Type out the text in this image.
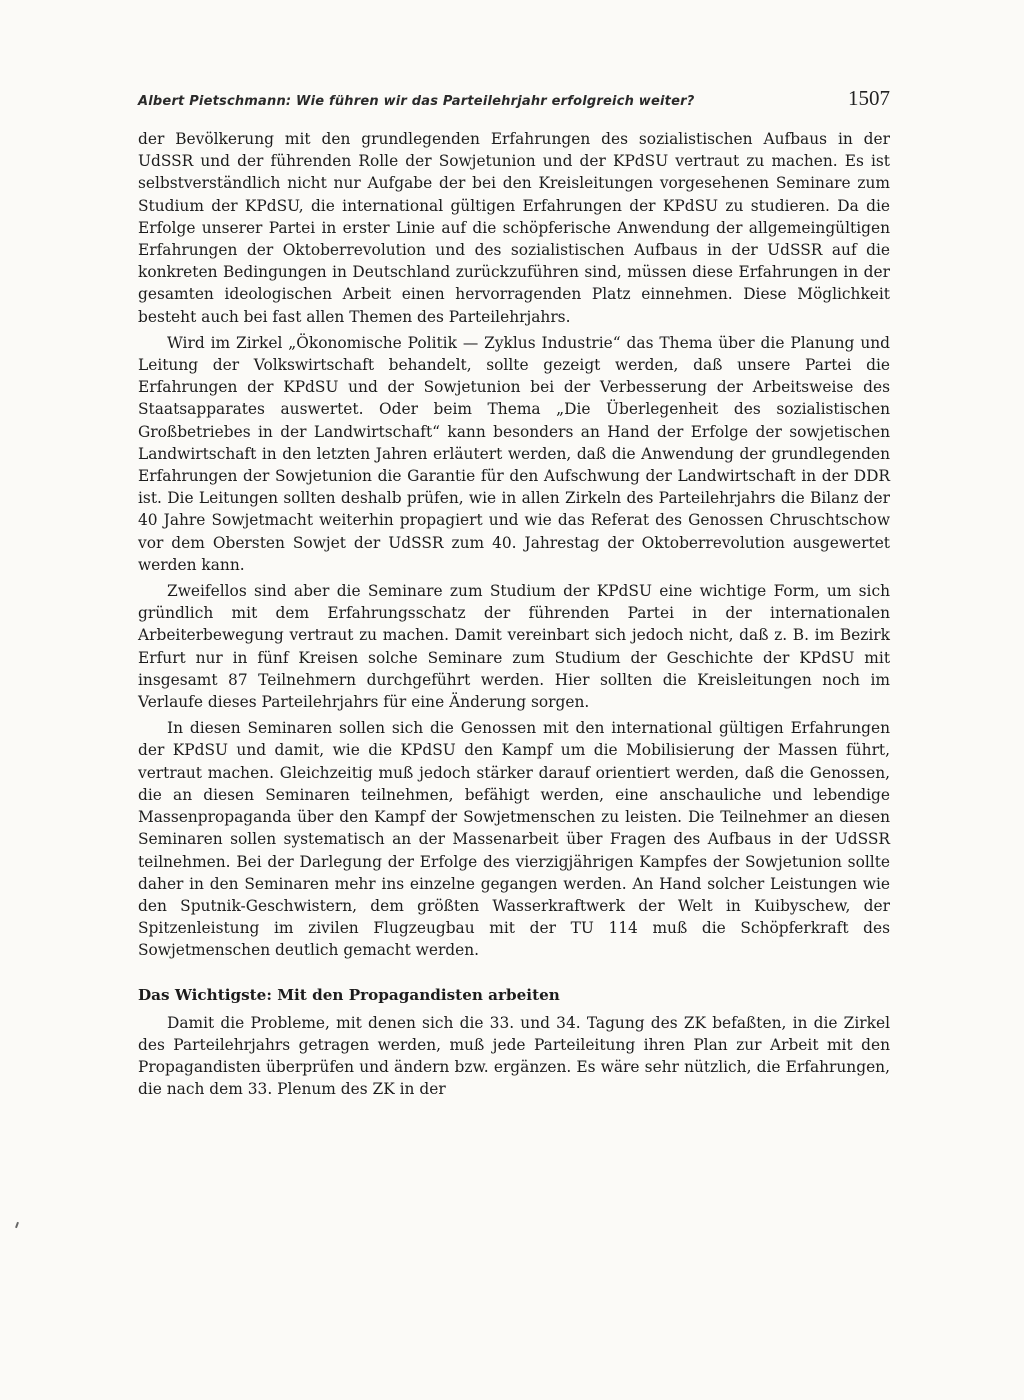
Albert Pietschmann: Wie führen wir das Parteilehrjahr erfolgreich weiter?	1507

der Bevölkerung mit den grundlegenden Erfahrungen des sozialistischen Aufbaus in der UdSSR und der führenden Rolle der Sowjetunion und der KPdSU vertraut zu machen. Es ist selbstverständlich nicht nur Aufgabe der bei den Kreisleitungen vorgesehenen Seminare zum Studium der KPdSU, die international gültigen Erfahrungen der KPdSU zu studieren. Da die Erfolge unserer Partei in erster Linie auf die schöpferische Anwendung der allgemeingültigen Erfahrungen der Oktoberrevolution und des sozialistischen Aufbaus in der UdSSR auf die konkreten Bedingungen in Deutschland zurückzuführen sind, müssen diese Erfahrungen in der gesamten ideologischen Arbeit einen hervorragenden Platz einnehmen. Diese Möglichkeit besteht auch bei fast allen Themen des Parteilehrjahrs.

Wird im Zirkel „Ökonomische Politik — Zyklus Industrie“ das Thema über die Planung und Leitung der Volkswirtschaft behandelt, sollte gezeigt werden, daß unsere Partei die Erfahrungen der KPdSU und der Sowjetunion bei der Verbesserung der Arbeitsweise des Staatsapparates auswertet. Oder beim Thema „Die Überlegenheit des sozialistischen Großbetriebes in der Landwirtschaft“ kann besonders an Hand der Erfolge der sowjetischen Landwirtschaft in den letzten Jahren erläutert werden, daß die Anwendung der grundlegenden Erfahrungen der Sowjetunion die Garantie für den Aufschwung der Landwirtschaft in der DDR ist. Die Leitungen sollten deshalb prüfen, wie in allen Zirkeln des Parteilehrjahrs die Bilanz der 40 Jahre Sowjetmacht weiterhin propagiert und wie das Referat des Genossen Chruschtschow vor dem Obersten Sowjet der UdSSR zum 40. Jahrestag der Oktoberrevolution ausgewertet werden kann.

Zweifellos sind aber die Seminare zum Studium der KPdSU eine wichtige Form, um sich gründlich mit dem Erfahrungsschatz der führenden Partei in der internationalen Arbeiterbewegung vertraut zu machen. Damit vereinbart sich jedoch nicht, daß z. B. im Bezirk Erfurt nur in fünf Kreisen solche Seminare zum Studium der Geschichte der KPdSU mit insgesamt 87 Teilnehmern durchgeführt werden. Hier sollten die Kreisleitungen noch im Verlaufe dieses Parteilehrjahrs für eine Änderung sorgen.

In diesen Seminaren sollen sich die Genossen mit den international gültigen Erfahrungen der KPdSU und damit, wie die KPdSU den Kampf um die Mobilisierung der Massen führt, vertraut machen. Gleichzeitig muß jedoch stärker darauf orientiert werden, daß die Genossen, die an diesen Seminaren teilnehmen, befähigt werden, eine anschauliche und lebendige Massenpropaganda über den Kampf der Sowjetmenschen zu leisten. Die Teilnehmer an diesen Seminaren sollen systematisch an der Massenarbeit über Fragen des Aufbaus in der UdSSR teilnehmen. Bei der Darlegung der Erfolge des vierzigjährigen Kampfes der Sowjetunion sollte daher in den Seminaren mehr ins einzelne gegangen werden. An Hand solcher Leistungen wie den Sputnik-Geschwistern, dem größten Wasserkraftwerk der Welt in Kuibyschew, der Spitzenleistung im zivilen Flugzeugbau mit der TU 114 muß die Schöpferkraft des Sowjetmenschen deutlich gemacht werden.

Das Wichtigste: Mit den Propagandisten arbeiten

Damit die Probleme, mit denen sich die 33. und 34. Tagung des ZK befaßten, in die Zirkel des Parteilehrjahrs getragen werden, muß jede Parteileitung ihren Plan zur Arbeit mit den Propagandisten überprüfen und ändern bzw. ergänzen. Es wäre sehr nützlich, die Erfahrungen, die nach dem 33. Plenum des ZK in der
